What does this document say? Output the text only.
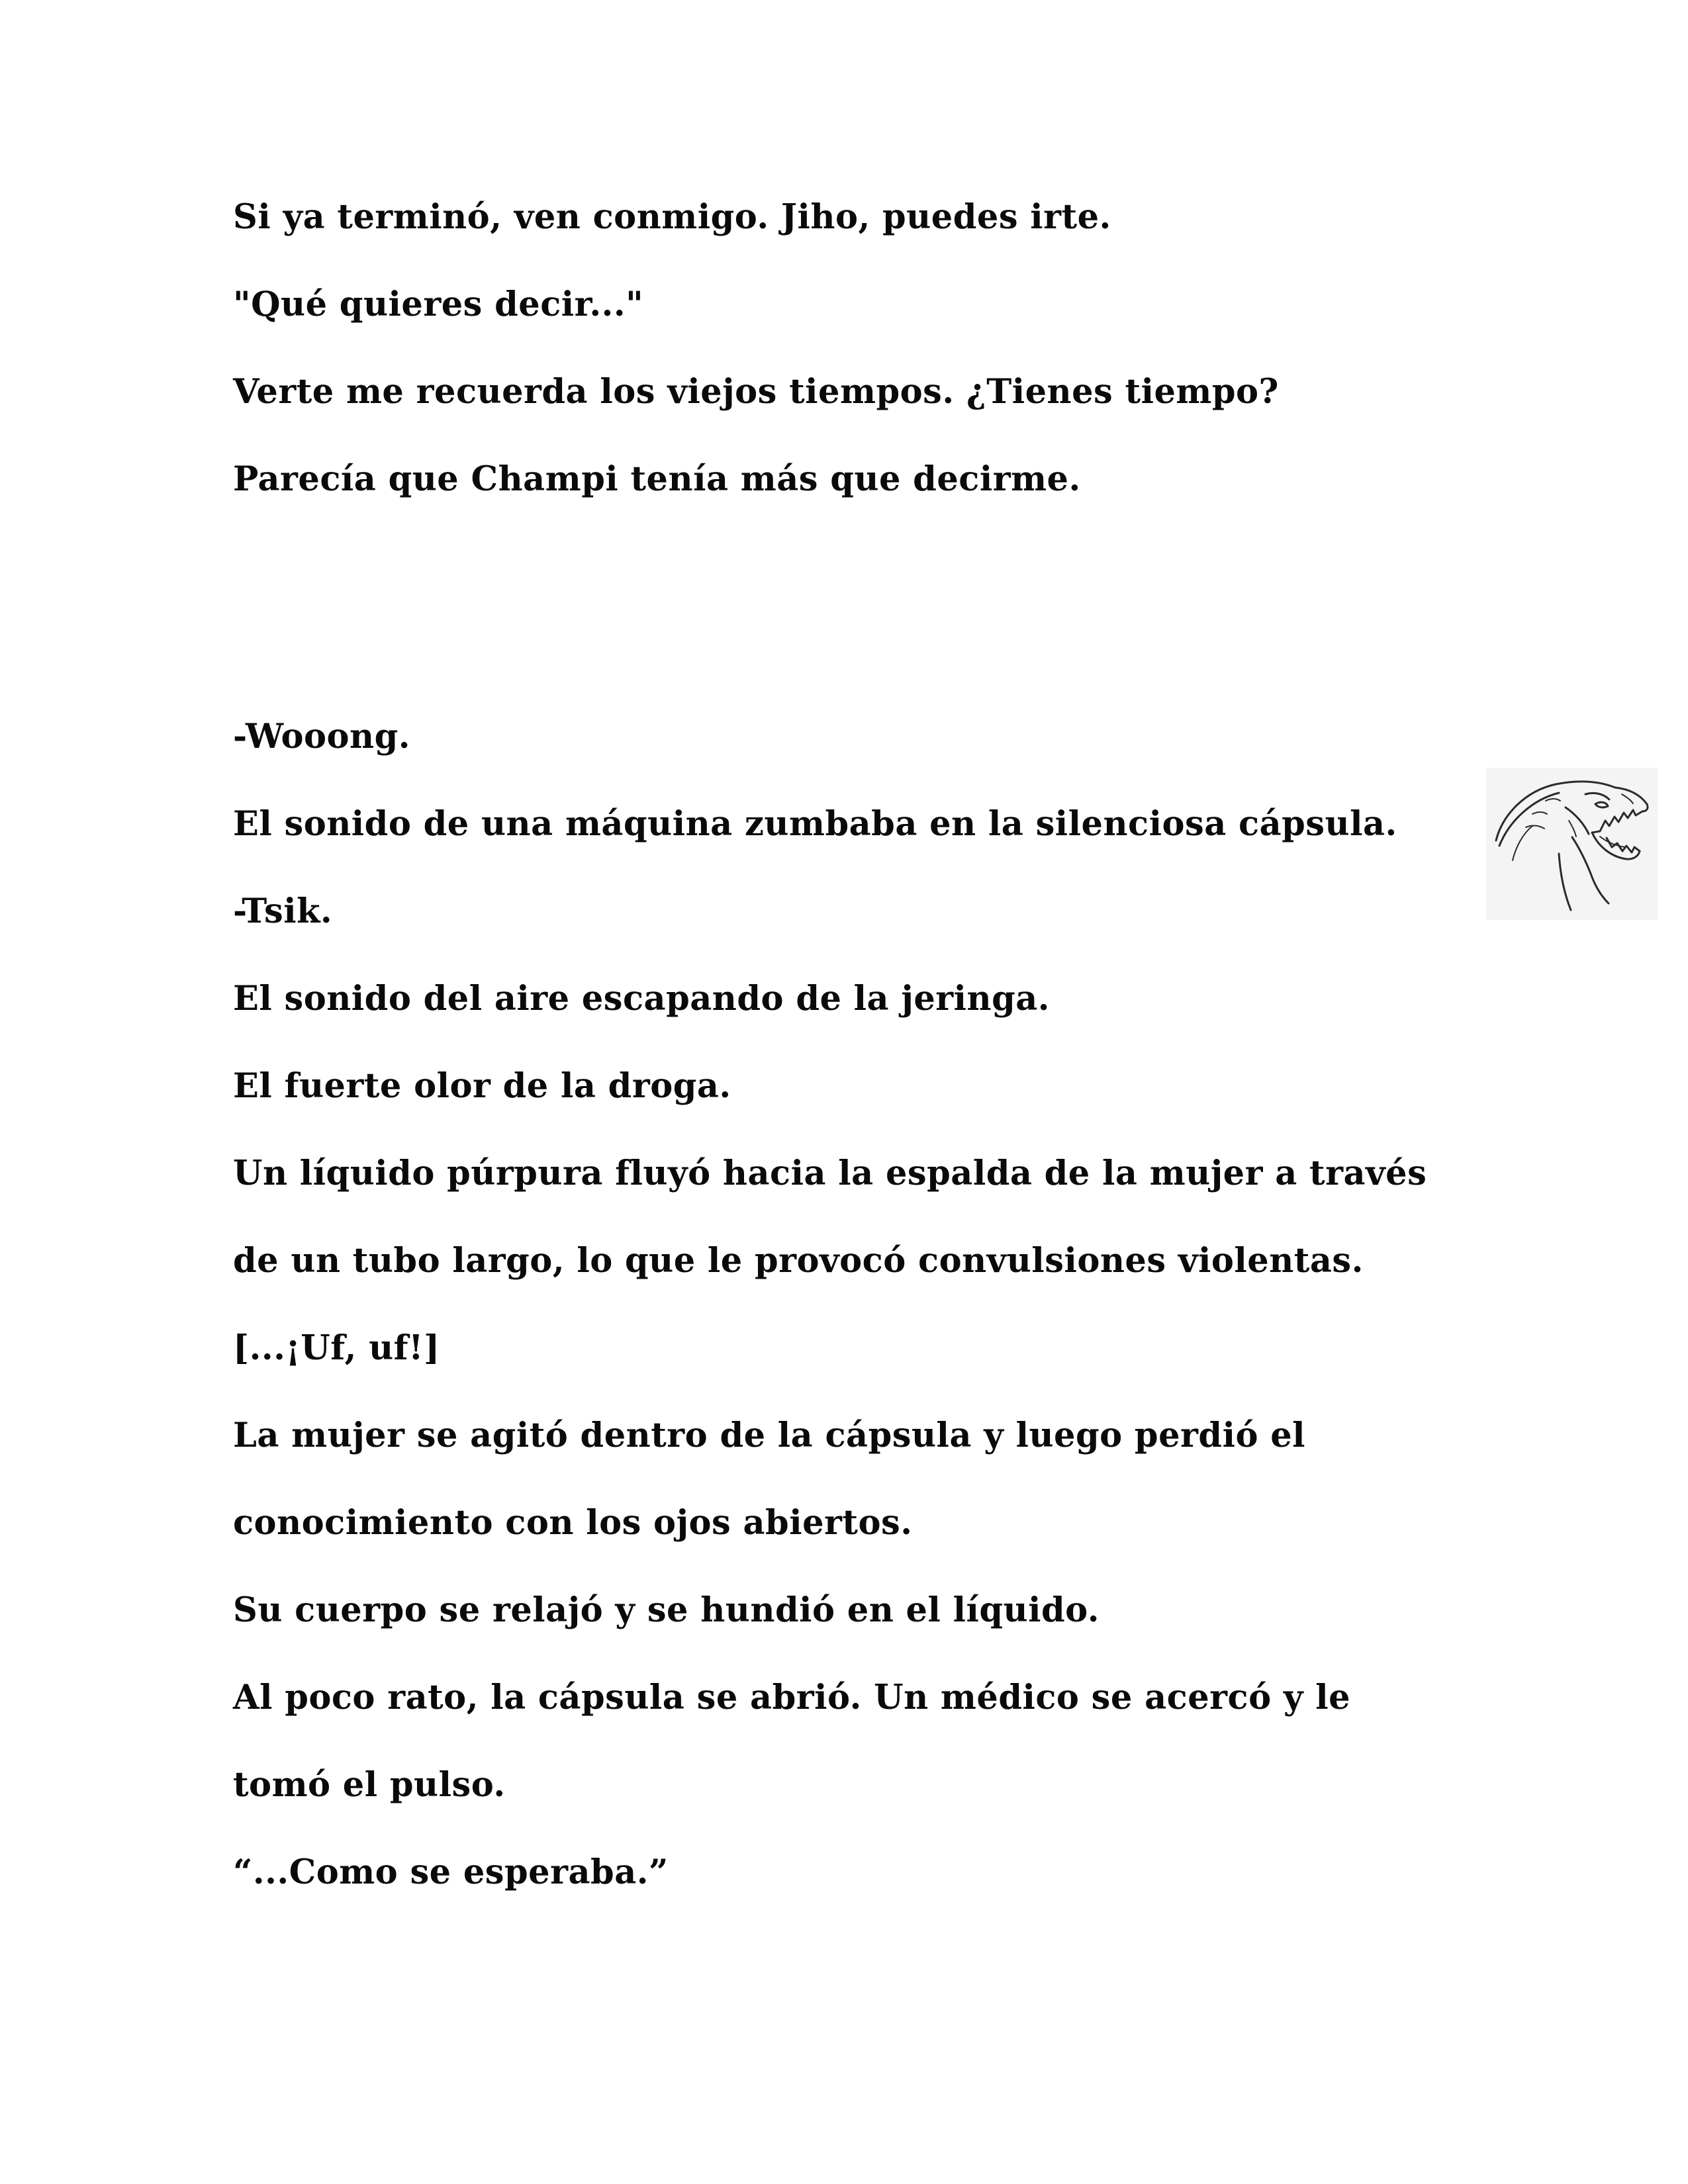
Si ya terminó, ven conmigo. Jiho, puedes irte.

"Qué quieres decir..."

Verte me recuerda los viejos tiempos. ¿Tienes tiempo?

Parecía que Champi tenía más que decirme.

-Wooong.

El sonido de una máquina zumbaba en la silenciosa cápsula.

-Tsik.

El sonido del aire escapando de la jeringa.

El fuerte olor de la droga.

Un líquido púrpura fluyó hacia la espalda de la mujer a través

de un tubo largo, lo que le provocó convulsiones violentas.

[...¡Uf, uf!]

La mujer se agitó dentro de la cápsula y luego perdió el

conocimiento con los ojos abiertos.

Su cuerpo se relajó y se hundió en el líquido.

Al poco rato, la cápsula se abrió. Un médico se acercó y le

tomó el pulso.

“...Como se esperaba.”
